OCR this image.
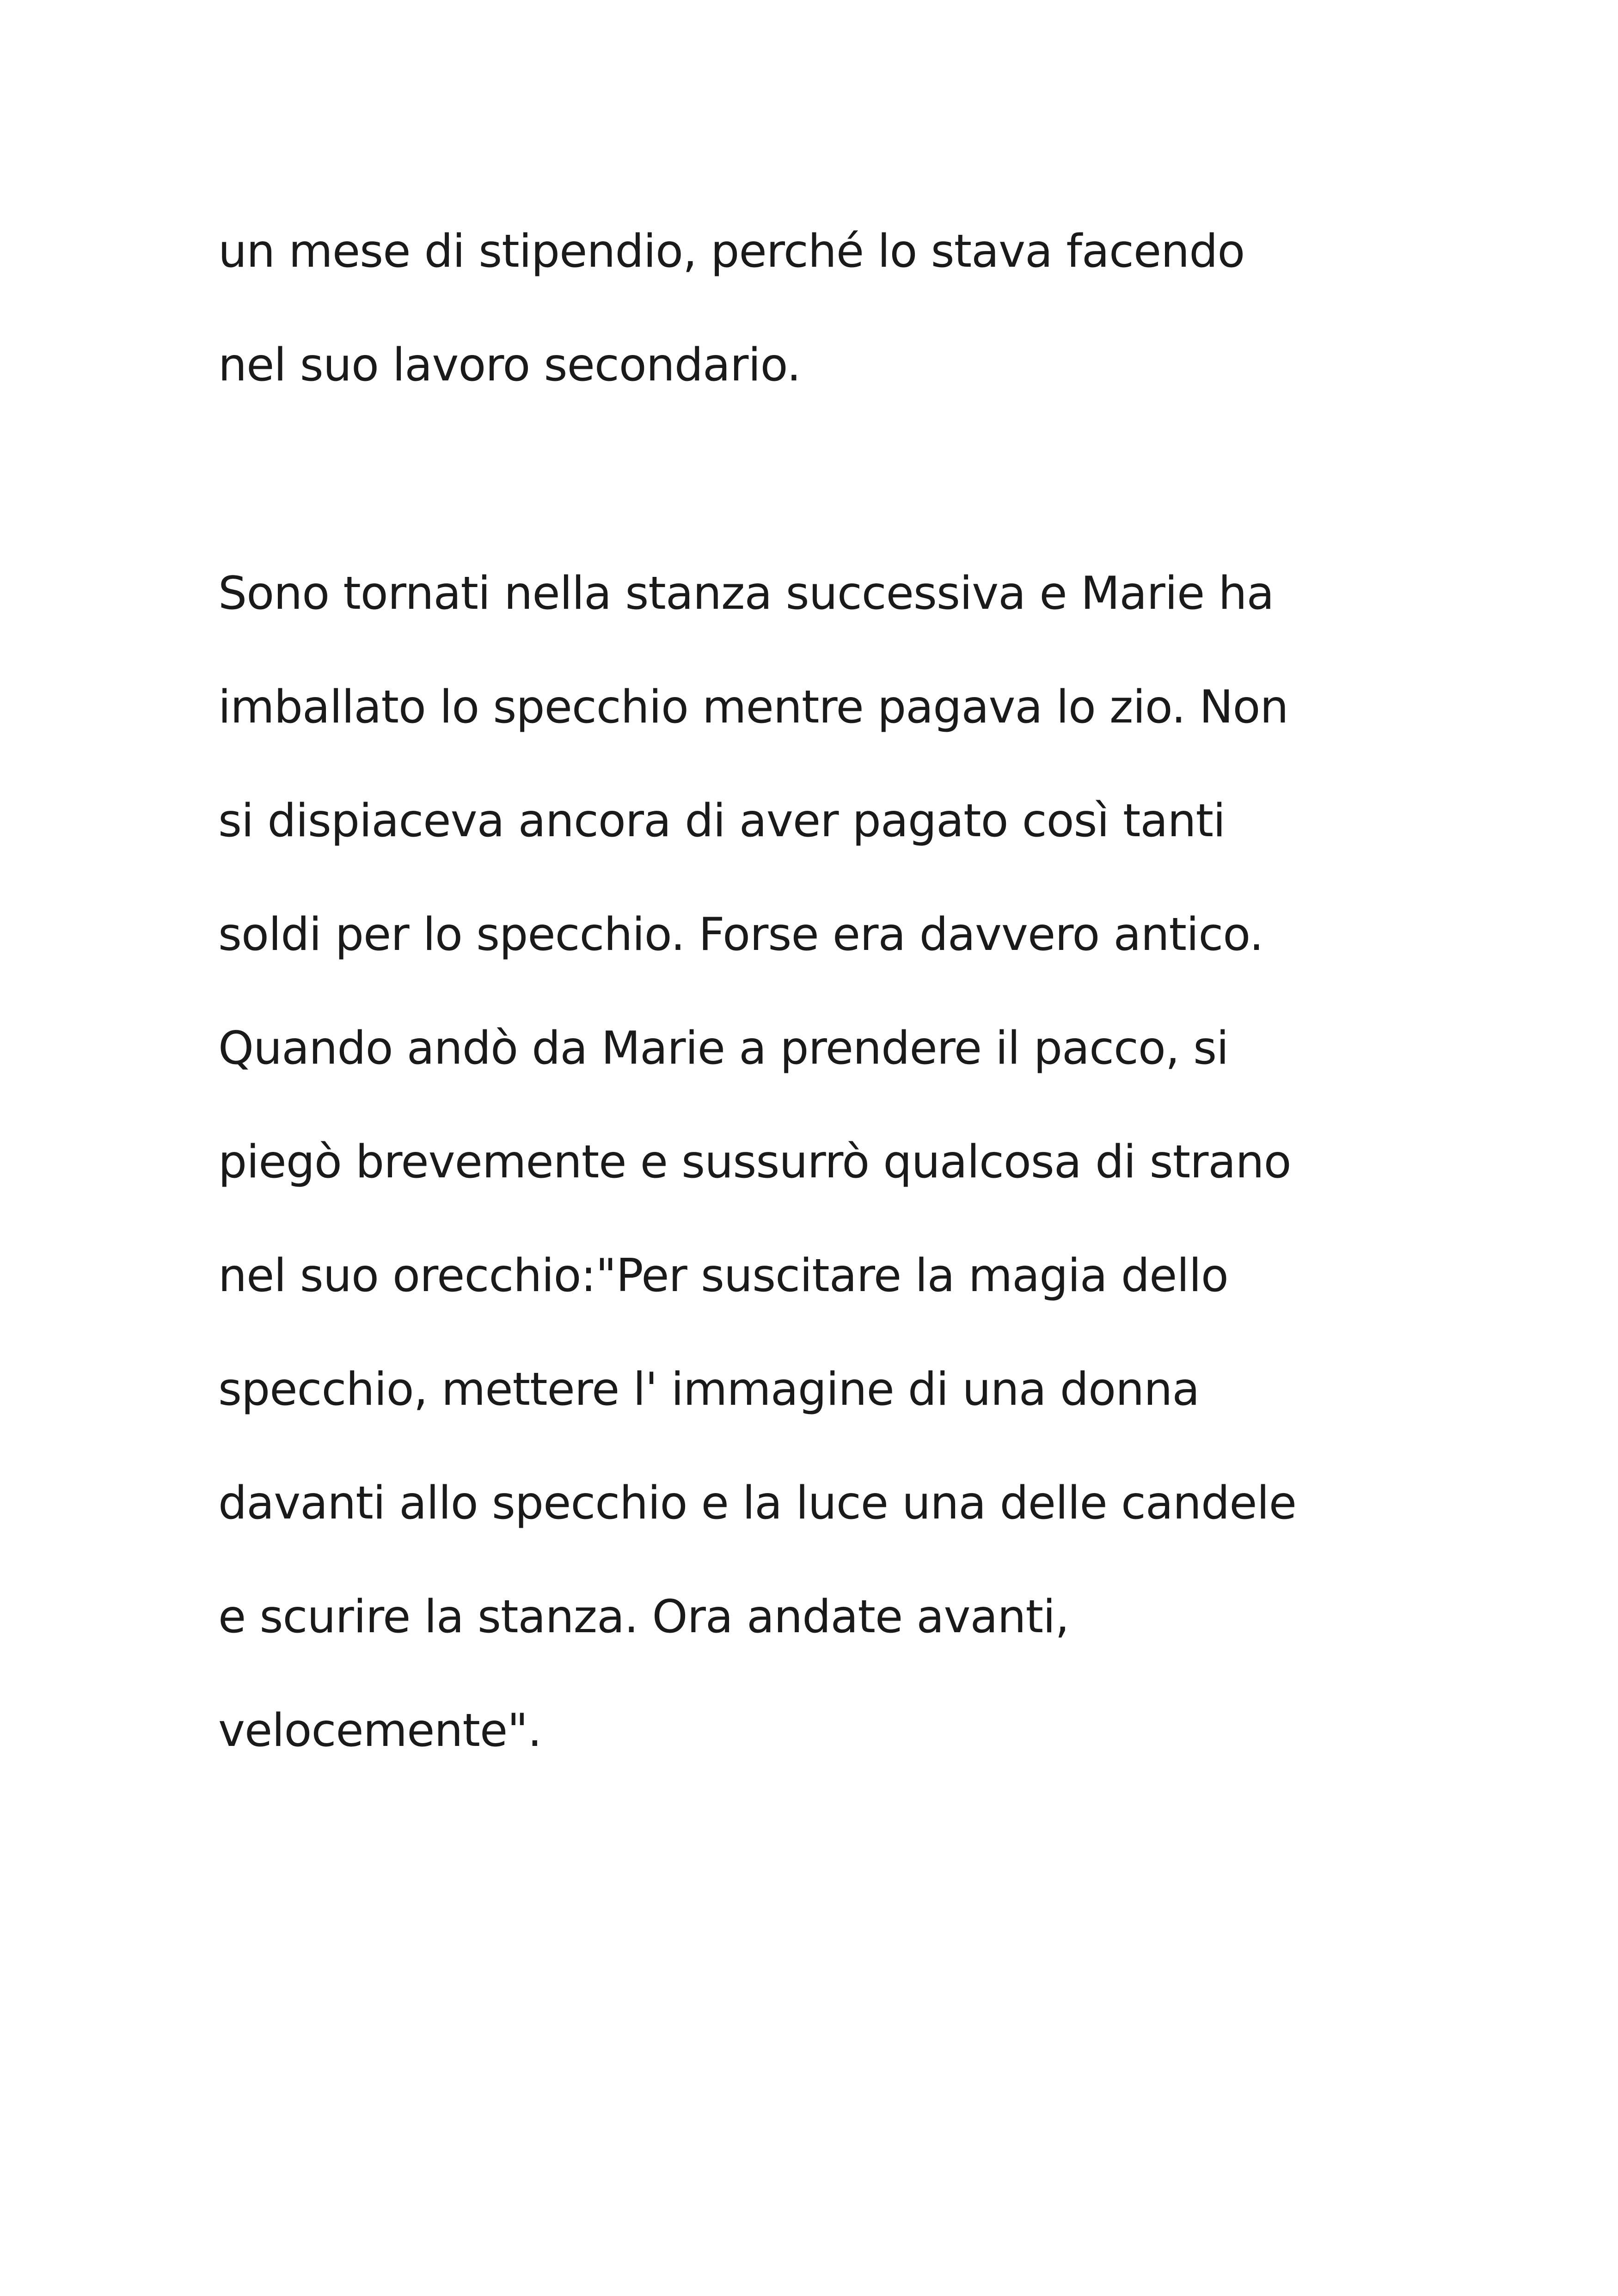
un mese di stipendio, perché lo stava facendo
nel suo lavoro secondario.
Sono tornati nella stanza successiva e Marie ha
imballato lo specchio mentre pagava lo zio. Non
si dispiaceva ancora di aver pagato così tanti
soldi per lo specchio. Forse era davvero antico.
Quando andò da Marie a prendere il pacco, si
piegò brevemente e sussurrò qualcosa di strano
nel suo orecchio:"Per suscitare la magia dello
specchio, mettere l' immagine di una donna
davanti allo specchio e la luce una delle candele
e scurire la stanza. Ora andate avanti,
velocemente".
